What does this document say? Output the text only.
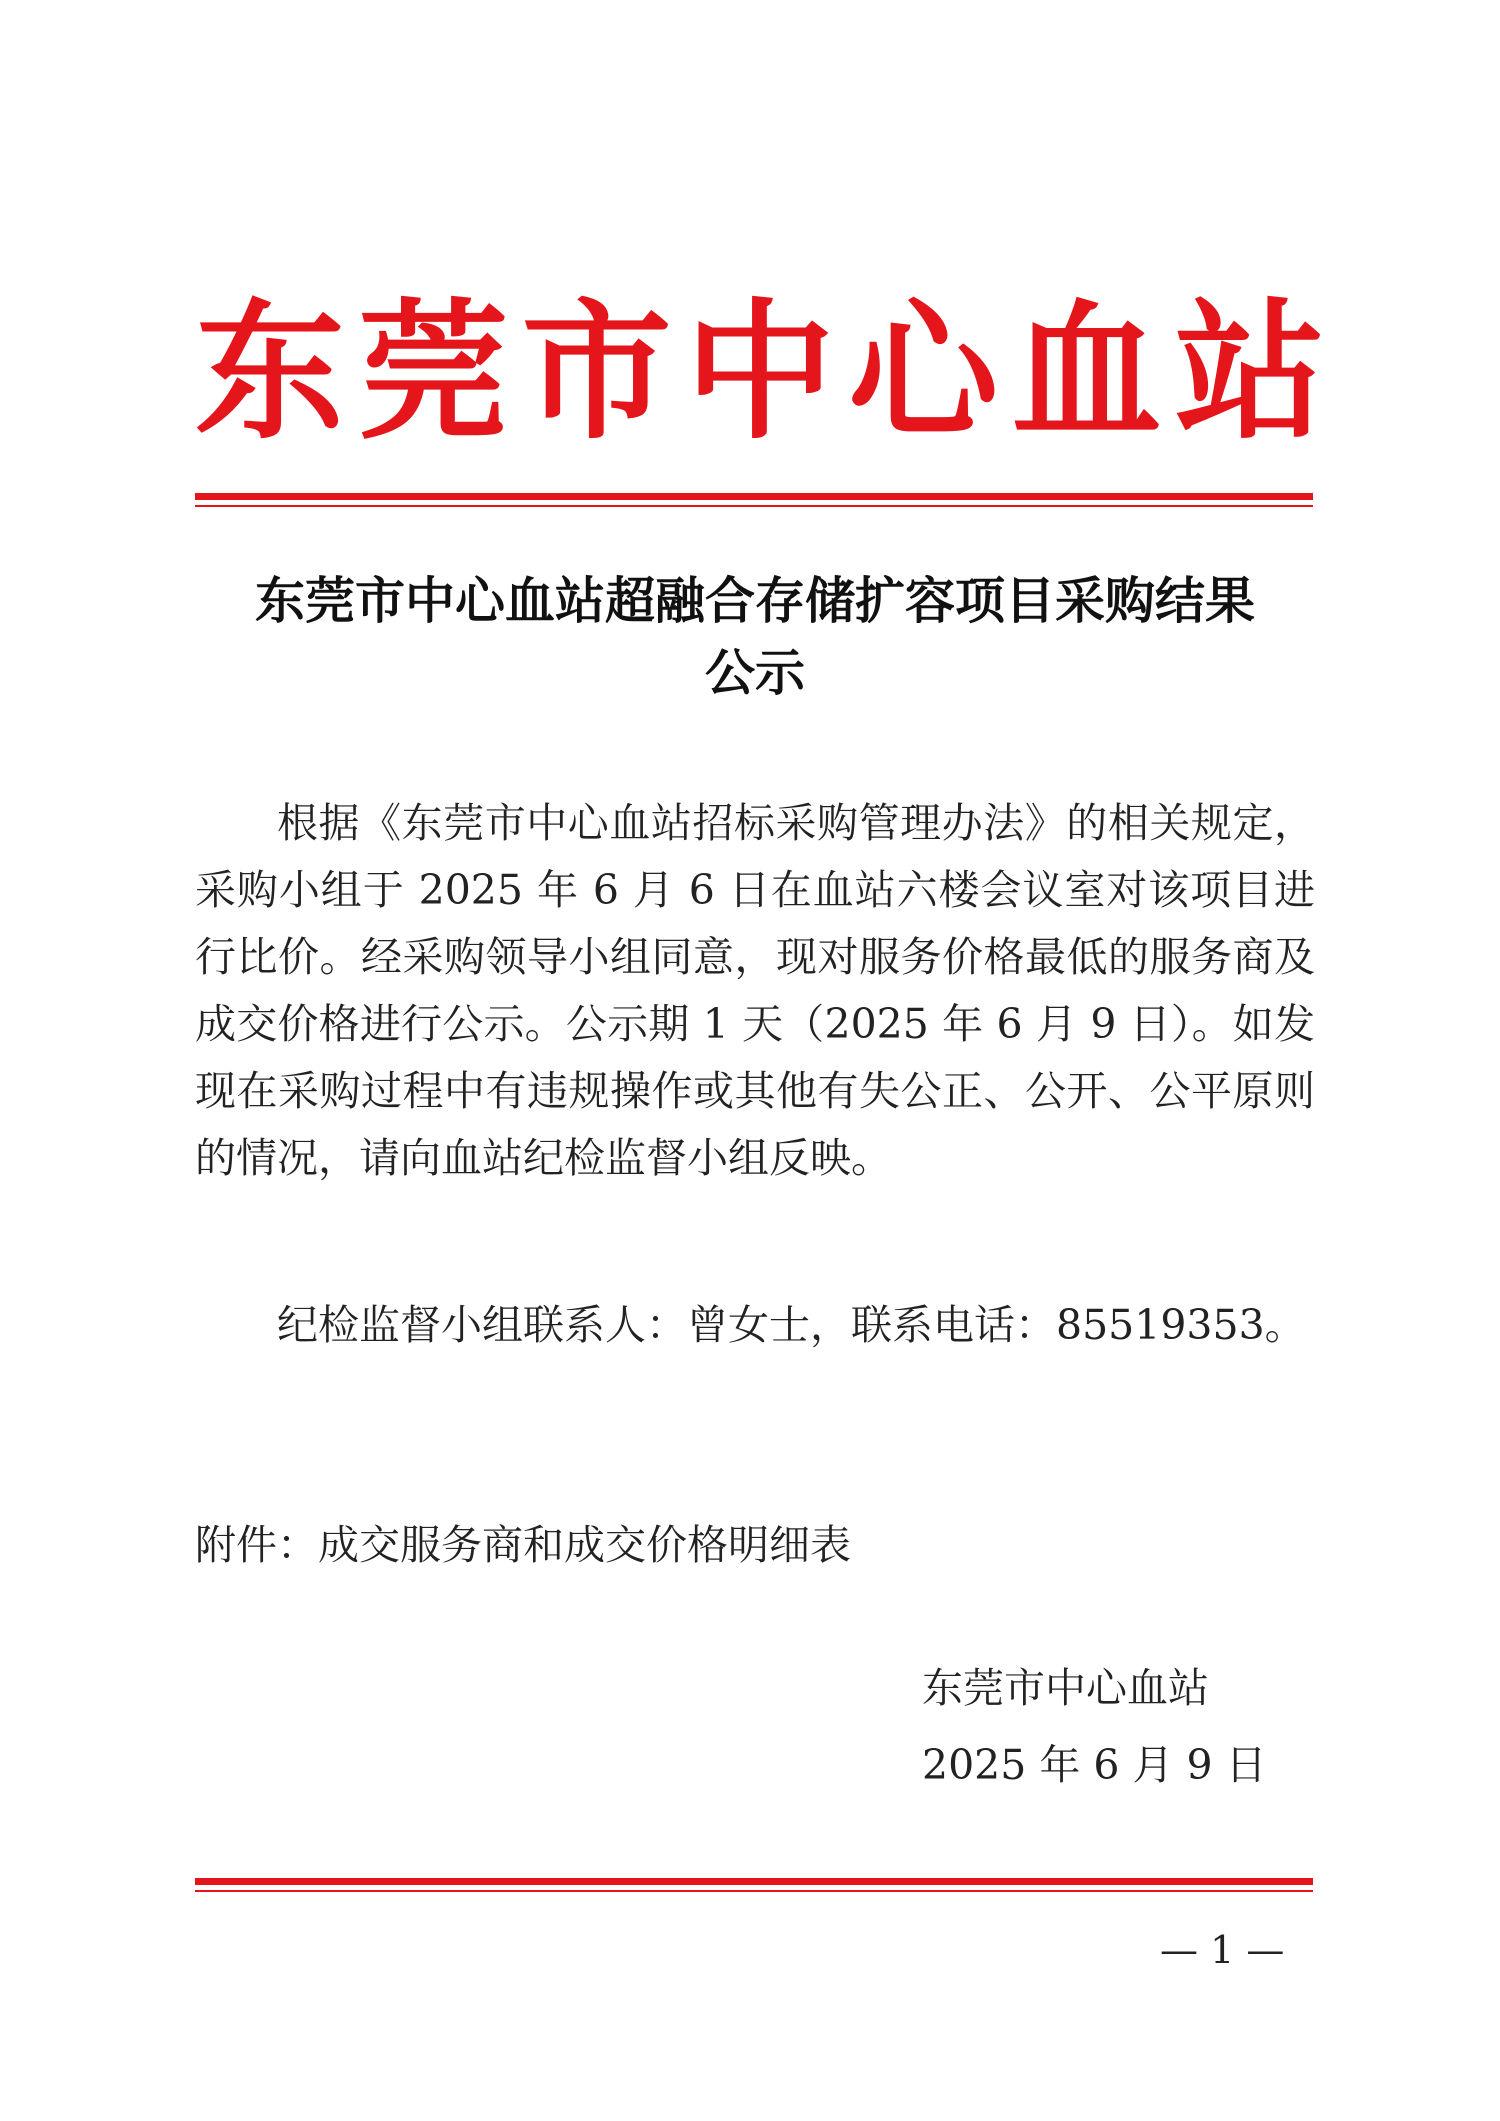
东 莞 市 中 心 血 站
东莞市中心血站超融合存储扩容项目采购结果
公示
根据《东莞市中心血站招标采购管理办法》的相关规定，采购小组于 2025 年 6 月 6 日在血站六楼会议室对该项目进行比价。经采购领导小组同意，现对服务价格最低的服务商及成交价格进行公示。公示期 1 天（2025 年 6 月 9 日）。如发现在采购过程中有违规操作或其他有失公正、公开、公平原则的情况，请向血站纪检监督小组反映。
纪检监督小组联系人：曾女士，联系电话：85519353。
附件：成交服务商和成交价格明细表
东莞市中心血站
2025 年 6 月 9 日
— 1 —
